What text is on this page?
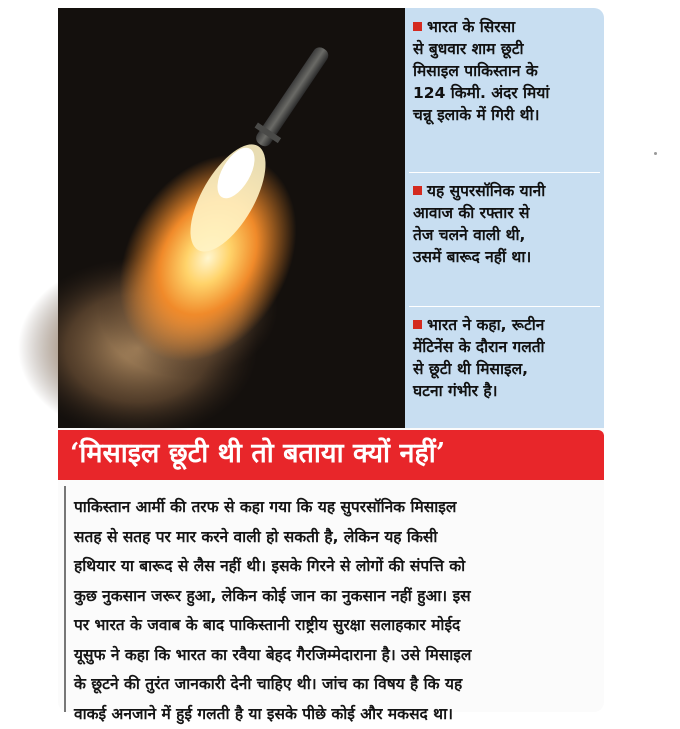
भारत के सिरसा
से बुधवार शाम छूटी
मिसाइल पाकिस्तान के
124 किमी. अंदर मियां
चन्नू इलाके में गिरी थी।
यह सुपरसॉनिक यानी
आवाज की रफ्तार से
तेज चलने वाली थी,
उसमें बारूद नहीं था।
भारत ने कहा, रूटीन
मेंटिनेंस के दौरान गलती
से छूटी थी मिसाइल,
घटना गंभीर है।
‘मिसाइल छूटी थी तो बताया क्यों नहीं’
पाकिस्तान आर्मी की तरफ से कहा गया कि यह सुपरसॉनिक मिसाइल
सतह से सतह पर मार करने वाली हो सकती है, लेकिन यह किसी
हथियार या बारूद से लैस नहीं थी। इसके गिरने से लोगों की संपत्ति को
कुछ नुकसान जरूर हुआ, लेकिन कोई जान का नुकसान नहीं हुआ। इस
पर भारत के जवाब के बाद पाकिस्तानी राष्ट्रीय सुरक्षा सलाहकार मोईद
यूसुफ ने कहा कि भारत का रवैया बेहद गैरजिम्मेदाराना है। उसे मिसाइल
के छूटने की तुरंत जानकारी देनी चाहिए थी। जांच का विषय है कि यह
वाकई अनजाने में हुई गलती है या इसके पीछे कोई और मकसद था।
